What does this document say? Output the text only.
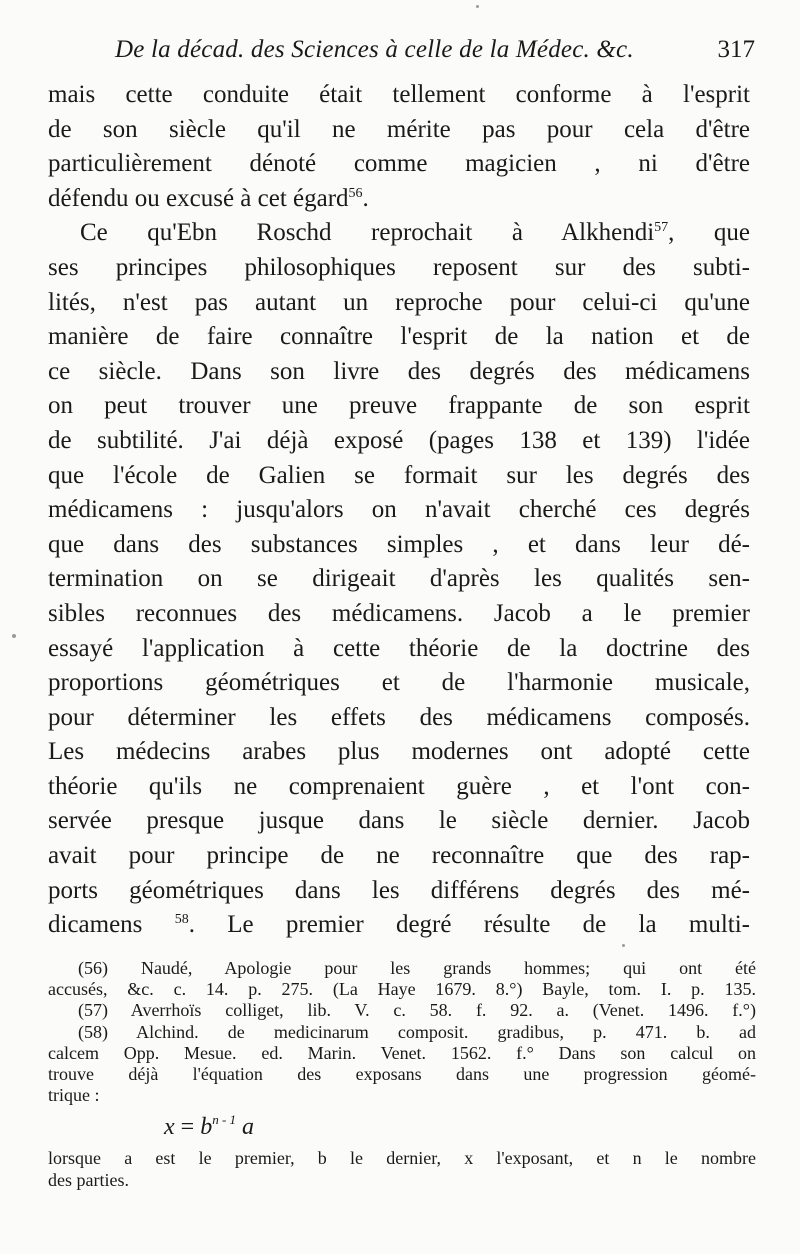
De la décad. des Sciences à celle de la Médec. &c.	317
mais cette conduite était tellement conforme à l'esprit
de son siècle qu'il ne mérite pas pour cela d'être
particulièrement dénoté comme magicien , ni d'être
défendu ou excusé à cet égard$^{56}$.
Ce qu'Ebn Roschd reprochait à Alkhendi$^{57}$, que
ses principes philosophiques reposent sur des subti-
lités, n'est pas autant un reproche pour celui-ci qu'une
manière de faire connaître l'esprit de la nation et de
ce siècle. Dans son livre des degrés des médicamens
on peut trouver une preuve frappante de son esprit
de subtilité. J'ai déjà exposé (pages 138 et 139) l'idée
que l'école de Galien se formait sur les degrés des
médicamens : jusqu'alors on n'avait cherché ces degrés
que dans des substances simples , et dans leur dé-
termination on se dirigeait d'après les qualités sen-
sibles reconnues des médicamens. Jacob a le premier
essayé l'application à cette théorie de la doctrine des
proportions géométriques et de l'harmonie musicale,
pour déterminer les effets des médicamens composés.
Les médecins arabes plus modernes ont adopté cette
théorie qu'ils ne comprenaient guère , et l'ont con-
servée presque jusque dans le siècle dernier. Jacob
avait pour principe de ne reconnaître que des rap-
ports géométriques dans les différens degrés des mé-
dicamens $^{58}$. Le premier degré résulte de la multi-
(56) Naudé, Apologie pour les grands hommes; qui ont été
accusés, &c. c. 14. p. 275. (La Haye 1679. 8.°) Bayle, tom. I. p. 135.
(57) Averrhoïs colliget, lib. V. c. 58. f. 92. a. (Venet. 1496. f.°)
(58) Alchind. de medicinarum composit. gradibus, p. 471. b. ad
calcem Opp. Mesue. ed. Marin. Venet. 1562. f.° Dans son calcul on
trouve déjà l'équation des exposans dans une progression géomé-
trique :
$x = b^{n - 1}$ a
lorsque a est le premier, b le dernier, x l'exposant, et n le nombre
des parties.
